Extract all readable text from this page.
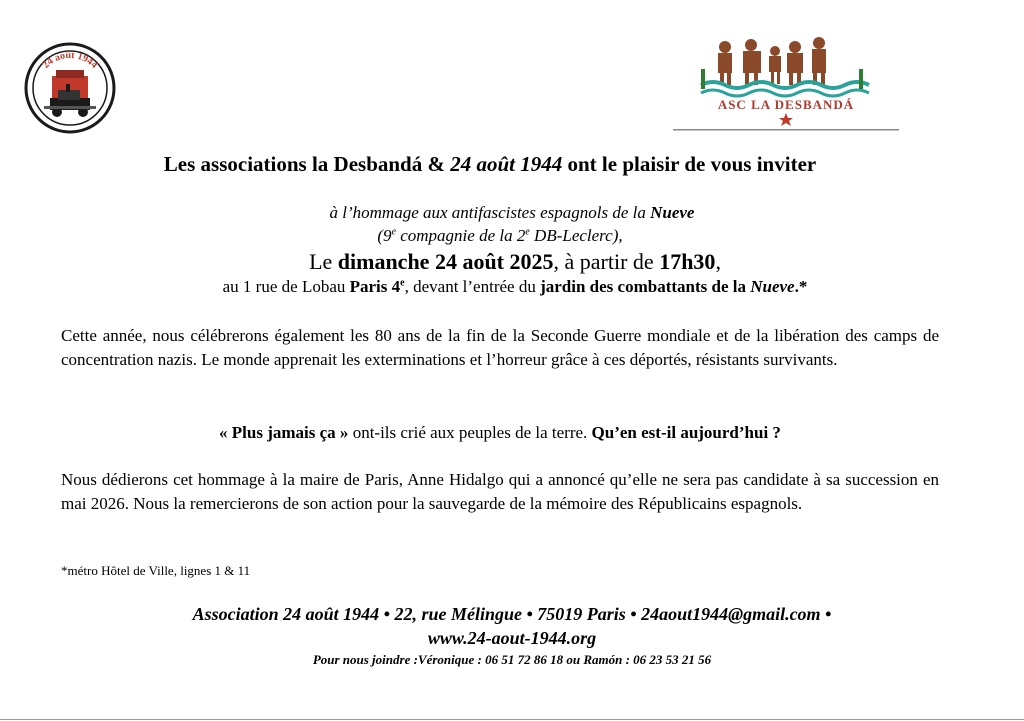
24 août 1944
ASC LA DESBANDÁ
Les associations la Desbandá & 24 août 1944 ont le plaisir de vous inviter
à l’hommage aux antifascistes espagnols de la Nueve
(9e compagnie de la 2e DB-Leclerc),
Le dimanche 24 août 2025, à partir de 17h30,
au 1 rue de Lobau Paris 4e, devant l’entrée du jardin des combattants de la Nueve.*
Cette année, nous célébrerons également les 80 ans de la fin de la Seconde Guerre mondiale et de la libération des camps de concentration nazis. Le monde apprenait les exterminations et l’horreur grâce à ces déportés, résistants survivants.
« Plus jamais ça » ont-ils crié aux peuples de la terre. Qu’en est-il aujourd’hui ?
Nous dédierons cet hommage à la maire de Paris, Anne Hidalgo qui a annoncé qu’elle ne sera pas candidate à sa succession en mai 2026. Nous la remercierons de son action pour la sauvegarde de la mémoire des Républicains espagnols.
*métro Hôtel de Ville, lignes 1 & 11
Association 24 août 1944 • 22, rue Mélingue • 75019 Paris • 24aout1944@gmail.com •
www.24-aout-1944.org
Pour nous joindre :Véronique : 06 51 72 86 18 ou Ramón : 06 23 53 21 56
